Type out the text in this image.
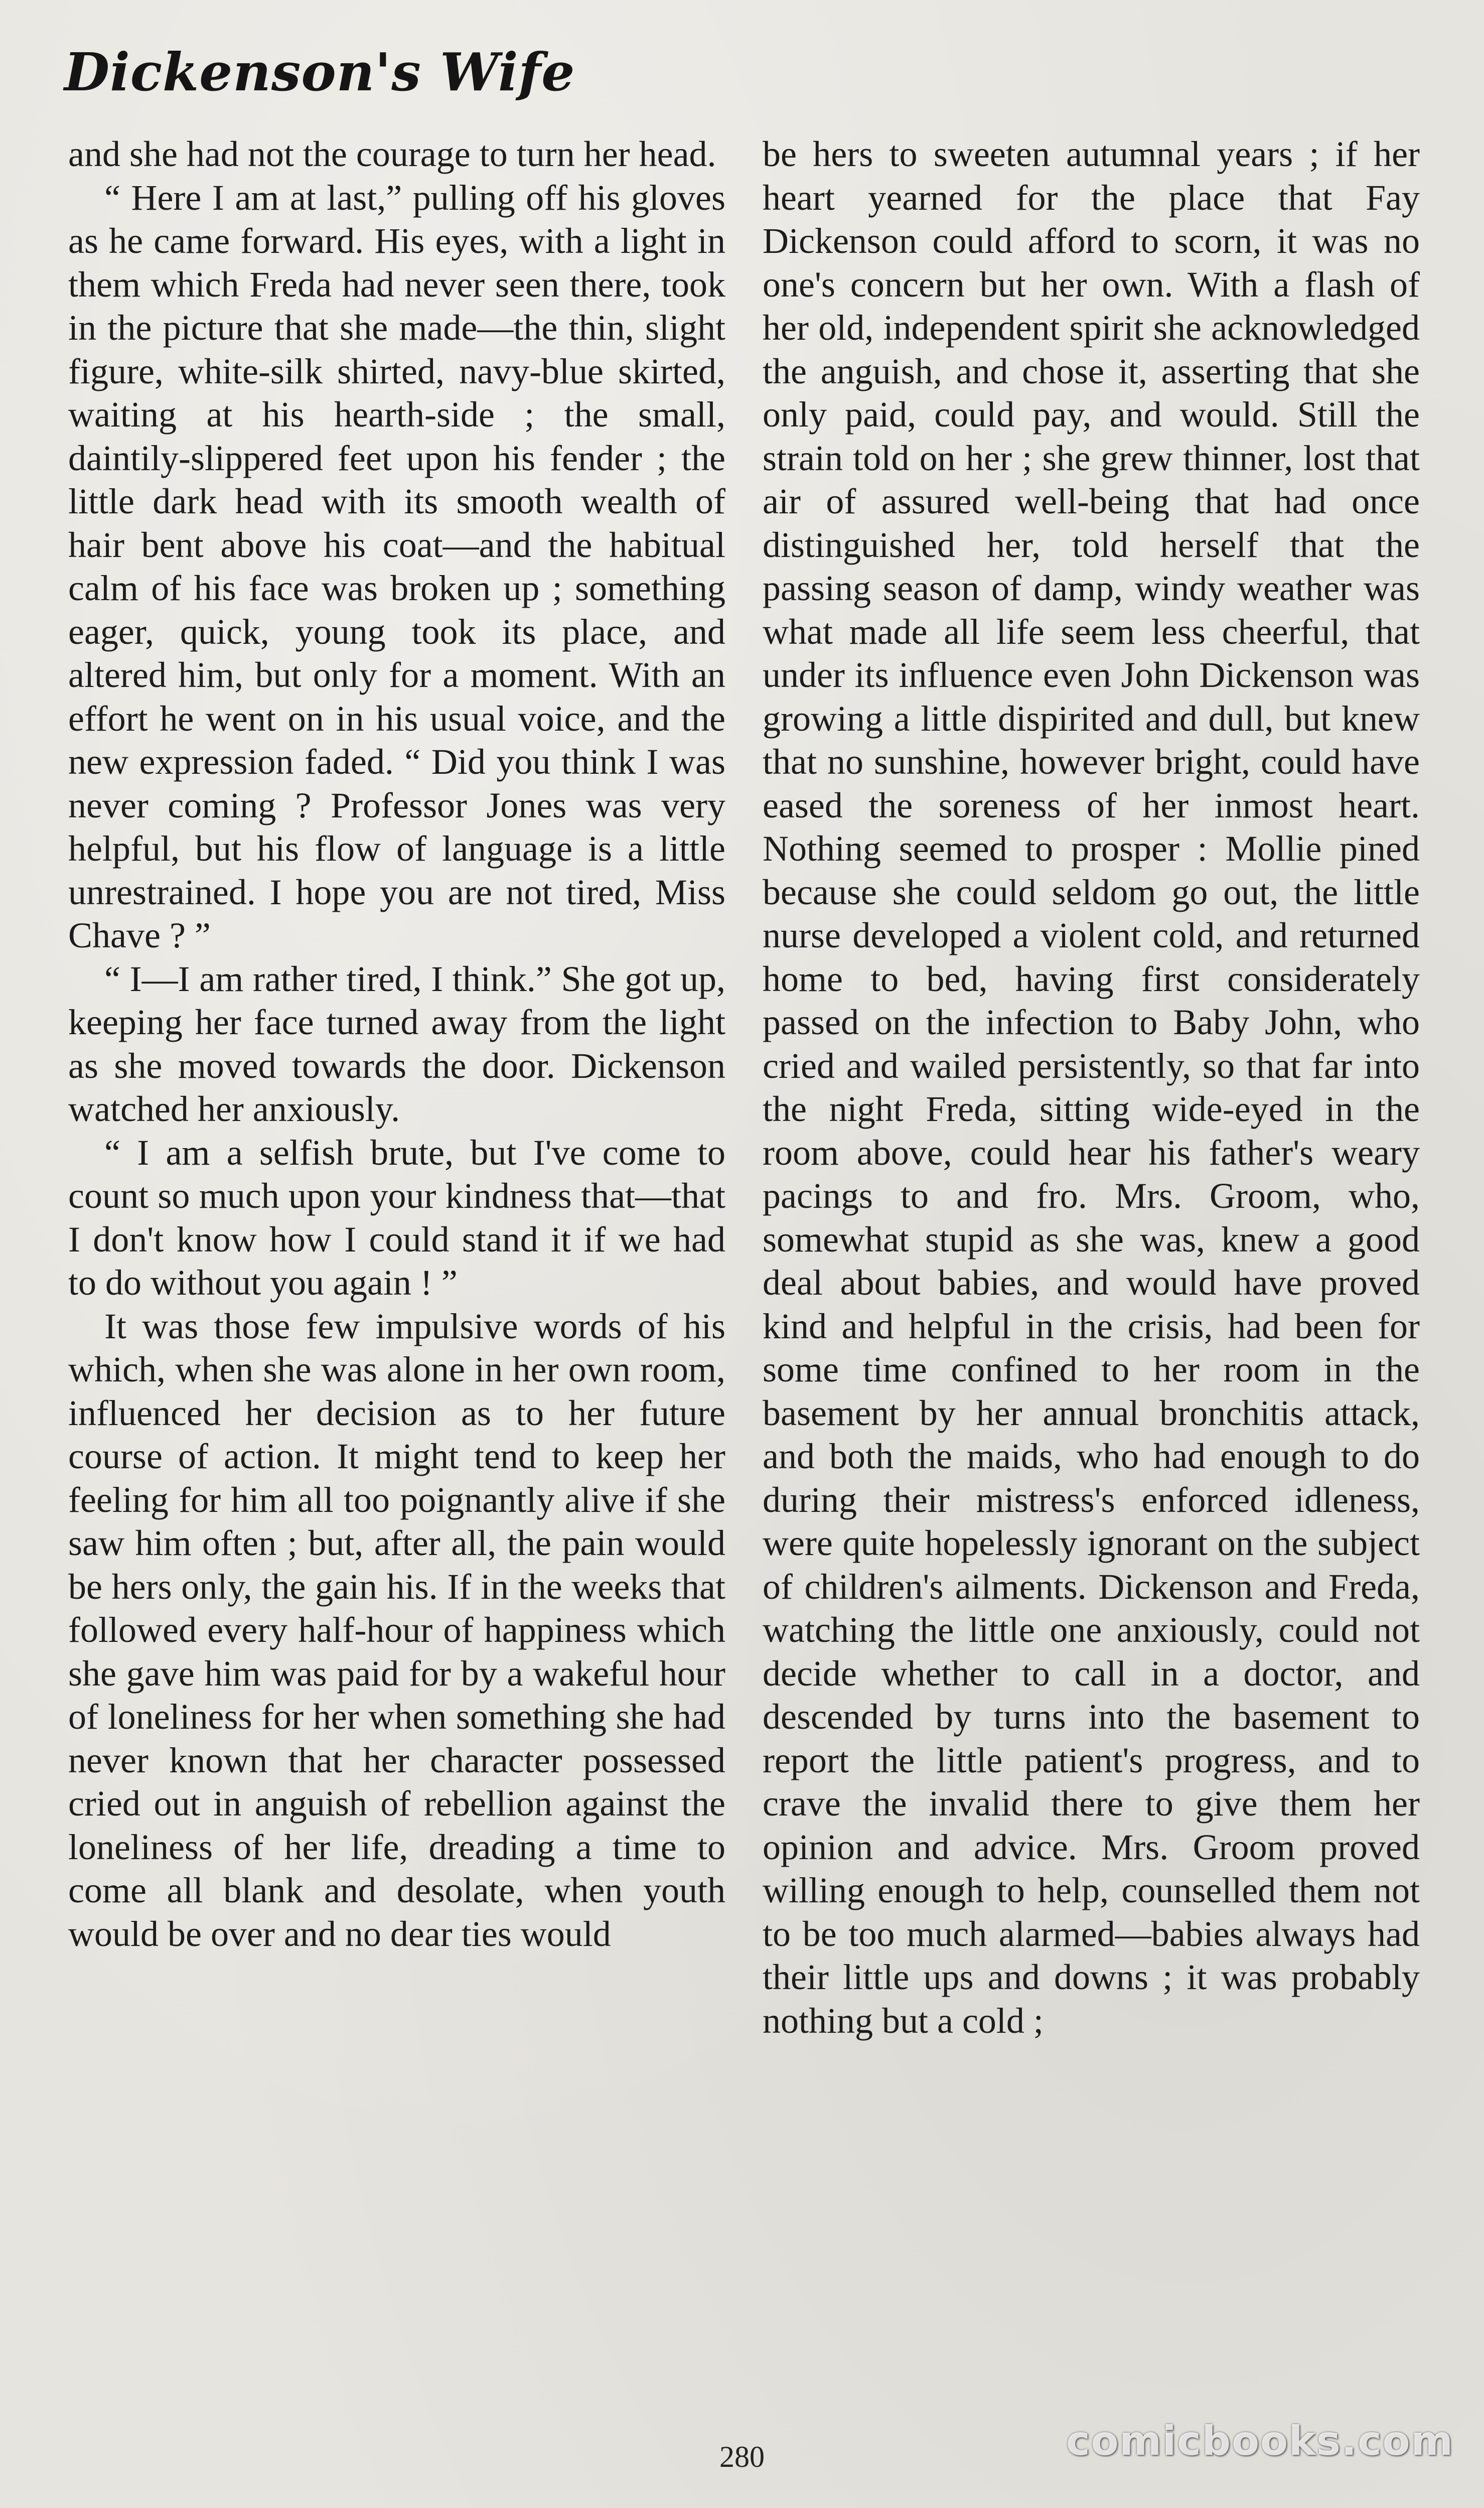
Dickenson's Wife

and she had not the courage to turn her head.

“ Here I am at last,” pulling off his gloves as he came forward. His eyes, with a light in them which Freda had never seen there, took in the picture that she made—the thin, slight figure, white-silk shirted, navy-blue skirted, waiting at his hearth-side ; the small, daintily-slippered feet upon his fender ; the little dark head with its smooth wealth of hair bent above his coat—and the habitual calm of his face was broken up ; something eager, quick, young took its place, and altered him, but only for a moment. With an effort he went on in his usual voice, and the new expression faded. “ Did you think I was never coming ? Professor Jones was very helpful, but his flow of language is a little unrestrained. I hope you are not tired, Miss Chave ? ”

“ I—I am rather tired, I think.” She got up, keeping her face turned away from the light as she moved towards the door. Dickenson watched her anxiously.

“ I am a selfish brute, but I've come to count so much upon your kindness that—that I don't know how I could stand it if we had to do without you again ! ”

It was those few impulsive words of his which, when she was alone in her own room, influenced her decision as to her future course of action. It might tend to keep her feeling for him all too poignantly alive if she saw him often ; but, after all, the pain would be hers only, the gain his. If in the weeks that followed every half-hour of happiness which she gave him was paid for by a wakeful hour of loneliness for her when something she had never known that her character possessed cried out in anguish of rebellion against the loneliness of her life, dreading a time to come all blank and desolate, when youth would be over and no dear ties would

be hers to sweeten autumnal years ; if her heart yearned for the place that Fay Dickenson could afford to scorn, it was no one's concern but her own. With a flash of her old, independent spirit she acknowledged the anguish, and chose it, asserting that she only paid, could pay, and would. Still the strain told on her ; she grew thinner, lost that air of assured well-being that had once distinguished her, told herself that the passing season of damp, windy weather was what made all life seem less cheerful, that under its influence even John Dickenson was growing a little dispirited and dull, but knew that no sunshine, however bright, could have eased the soreness of her inmost heart. Nothing seemed to prosper : Mollie pined because she could seldom go out, the little nurse developed a violent cold, and returned home to bed, having first considerately passed on the infection to Baby John, who cried and wailed persistently, so that far into the night Freda, sitting wide-eyed in the room above, could hear his father's weary pacings to and fro. Mrs. Groom, who, somewhat stupid as she was, knew a good deal about babies, and would have proved kind and helpful in the crisis, had been for some time confined to her room in the basement by her annual bronchitis attack, and both the maids, who had enough to do during their mistress's enforced idleness, were quite hopelessly ignorant on the subject of children's ailments. Dickenson and Freda, watching the little one anxiously, could not decide whether to call in a doctor, and descended by turns into the basement to report the little patient's progress, and to crave the invalid there to give them her opinion and advice. Mrs. Groom proved willing enough to help, counselled them not to be too much alarmed—babies always had their little ups and downs ; it was probably nothing but a cold ;

280	comicbooks.com
